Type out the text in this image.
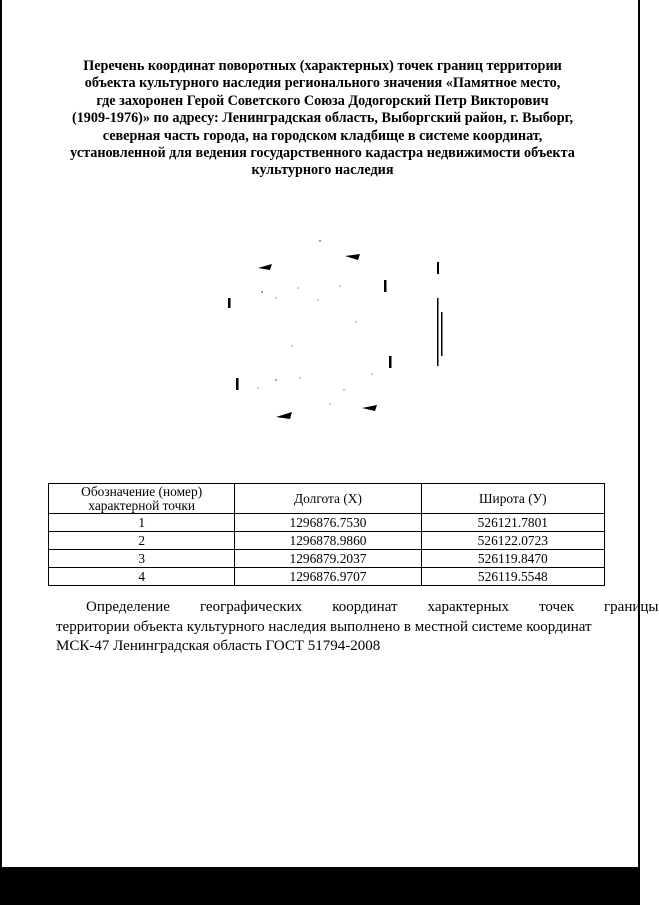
Перечень координат поворотных (характерных) точек границ территории
объекта культурного наследия регионального значения «Памятное место,
где захоронен Герой Советского Союза Додогорский Петр Викторович
(1909-1976)» по адресу: Ленинградская область, Выборгский район, г. Выборг,
северная часть города, на городском кладбище в системе координат,
установленной для ведения государственного кадастра недвижимости объекта
культурного наследия
Обозначение (номер) характерной точки	Долгота (X)	Широта (У)
1	1296876.7530	526121.7801
2	1296878.9860	526122.0723
3	1296879.2037	526119.8470
4	1296876.9707	526119.5548
Определение	географических	координат	характерных	точек	границы
территории объекта культурного наследия выполнено в местной системе координат
МСК-47 Ленинградская область ГОСТ 51794-2008
